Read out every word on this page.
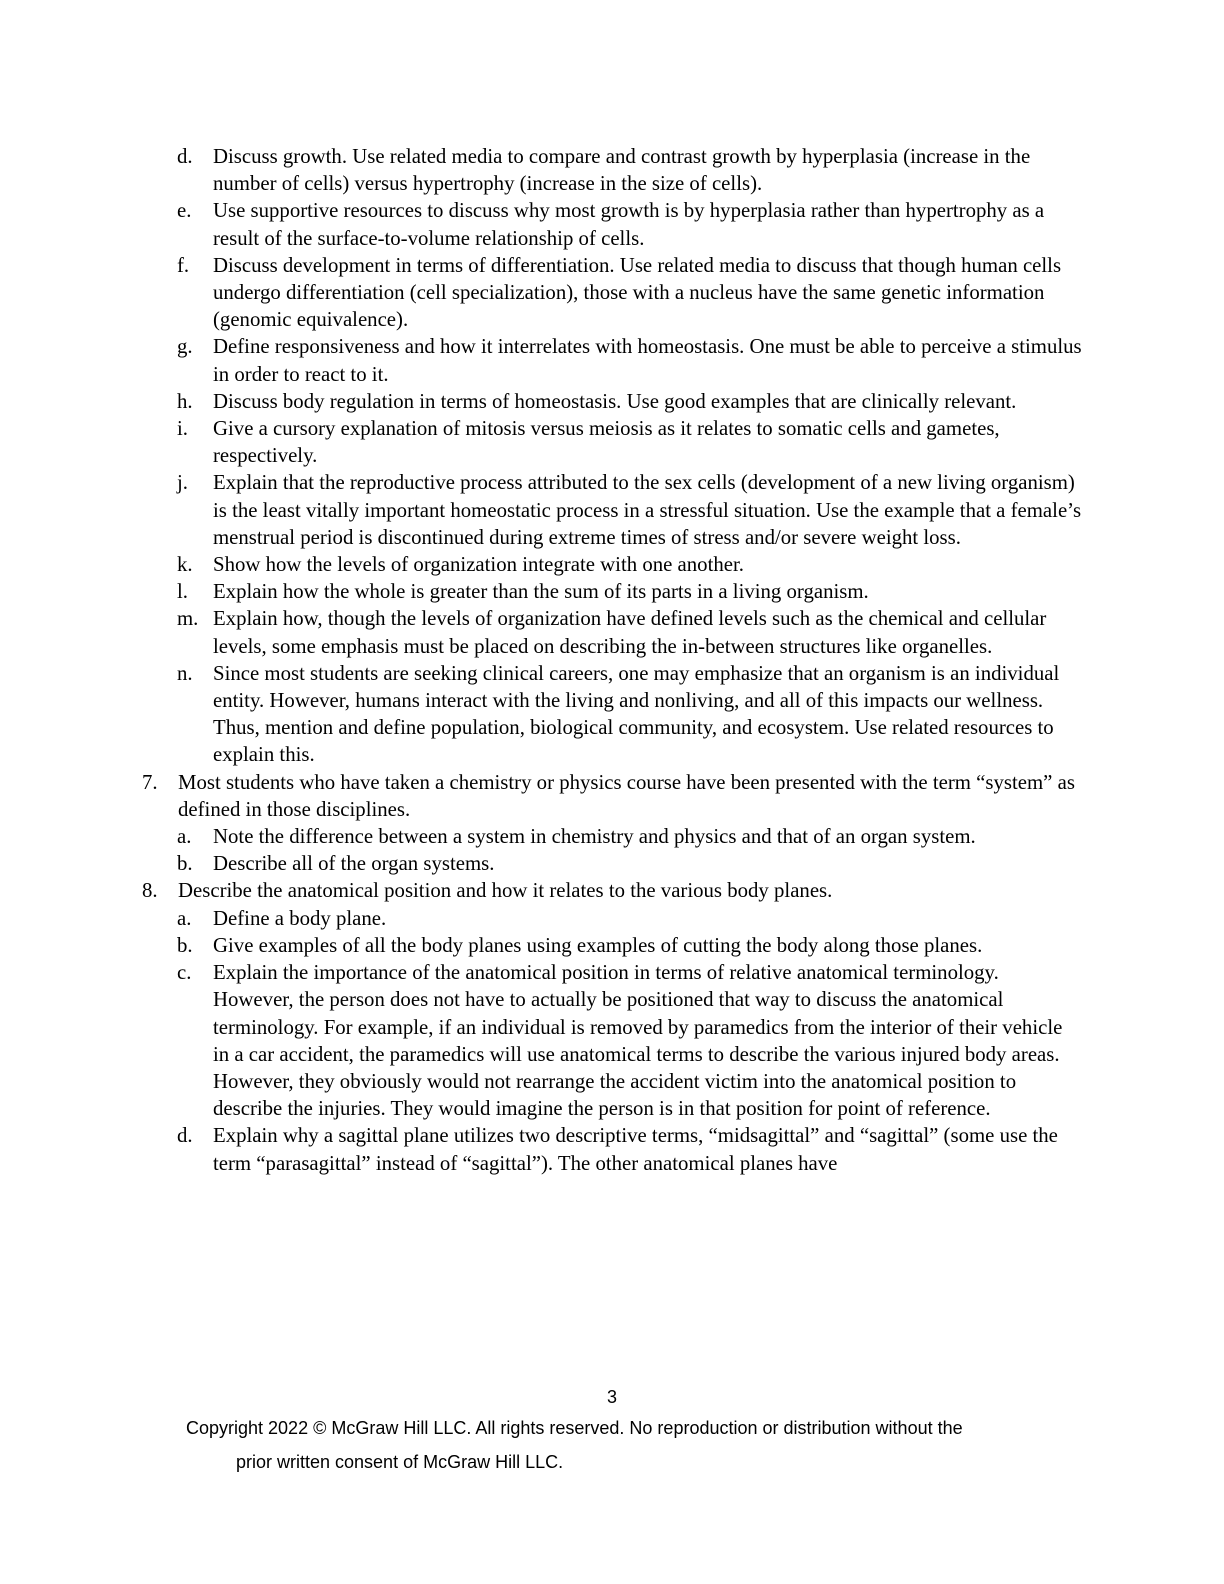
d. Discuss growth. Use related media to compare and contrast growth by hyperplasia (increase in the number of cells) versus hypertrophy (increase in the size of cells).
e.	Use supportive resources to discuss why most growth is by hyperplasia rather than hypertrophy as a result of the surface-to-volume relationship of cells.
f.	Discuss development in terms of differentiation. Use related media to discuss that though human cells undergo differentiation (cell specialization), those with a nucleus have the same genetic information (genomic equivalence).
g. Define responsiveness and how it interrelates with homeostasis. One must be able to perceive a stimulus in order to react to it.
h. Discuss body regulation in terms of homeostasis. Use good examples that are clinically relevant.
i.	Give a cursory explanation of mitosis versus meiosis as it relates to somatic cells and gametes, respectively.
j.	Explain that the reproductive process attributed to the sex cells (development of a new living organism) is the least vitally important homeostatic process in a stressful situation. Use the example that a female’s menstrual period is discontinued during extreme times of stress and/or severe weight loss.
k. Show how the levels of organization integrate with one another.
l.	Explain how the whole is greater than the sum of its parts in a living organism.
m. Explain how, though the levels of organization have defined levels such as the chemical and cellular levels, some emphasis must be placed on describing the in-between structures like organelles.
n. Since most students are seeking clinical careers, one may emphasize that an organism is an individual entity. However, humans interact with the living and nonliving, and all of this impacts our wellness. Thus, mention and define population, biological community, and ecosystem. Use related resources to explain this.
7. Most students who have taken a chemistry or physics course have been presented with the term “system” as defined in those disciplines.
a.	Note the difference between a system in chemistry and physics and that of an organ system.
b. Describe all of the organ systems.
8. Describe the anatomical position and how it relates to the various body planes.
a.	Define a body plane.
b. Give examples of all the body planes using examples of cutting the body along those planes.
c.	Explain the importance of the anatomical position in terms of relative anatomical terminology. However, the person does not have to actually be positioned that way to discuss the anatomical terminology. For example, if an individual is removed by paramedics from the interior of their vehicle in a car accident, the paramedics will use anatomical terms to describe the various injured body areas. However, they obviously would not rearrange the accident victim into the anatomical position to describe the injuries. They would imagine the person is in that position for point of reference.
d. Explain why a sagittal plane utilizes two descriptive terms, “midsagittal” and “sagittal” (some use the term “parasagittal” instead of “sagittal”). The other anatomical planes have
3
Copyright 2022 © McGraw Hill LLC. All rights reserved. No reproduction or distribution without the
prior written consent of McGraw Hill LLC.
